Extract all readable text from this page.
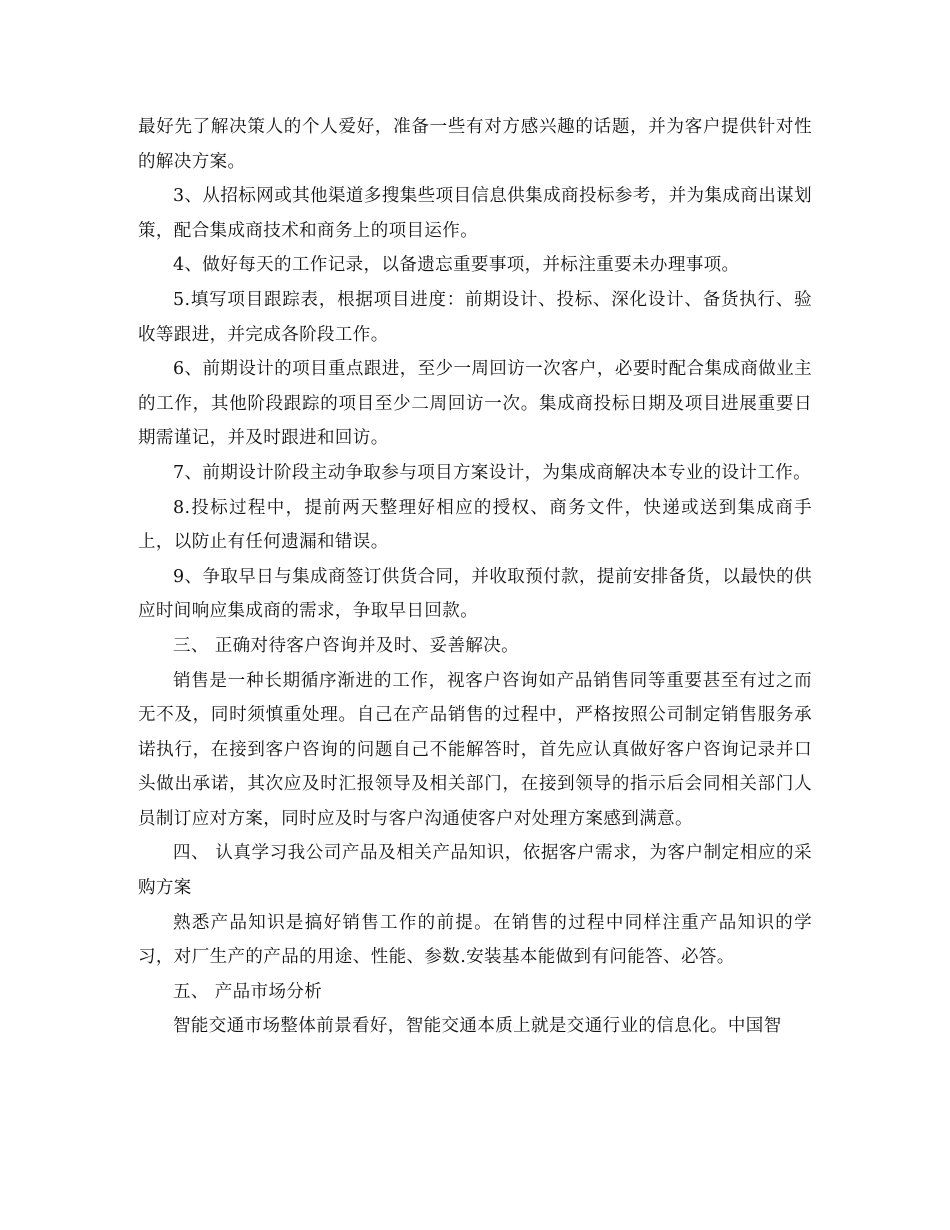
最好先了解决策人的个人爱好，准备一些有对方感兴趣的话题，并为客户提供针对性的解决方案。

3、从招标网或其他渠道多搜集些项目信息供集成商投标参考，并为集成商出谋划策，配合集成商技术和商务上的项目运作。

4、做好每天的工作记录，以备遗忘重要事项，并标注重要未办理事项。

5.填写项目跟踪表，根据项目进度：前期设计、投标、深化设计、备货执行、验收等跟进，并完成各阶段工作。

6、前期设计的项目重点跟进，至少一周回访一次客户，必要时配合集成商做业主的工作，其他阶段跟踪的项目至少二周回访一次。集成商投标日期及项目进展重要日期需谨记，并及时跟进和回访。

7、前期设计阶段主动争取参与项目方案设计，为集成商解决本专业的设计工作。

8.投标过程中，提前两天整理好相应的授权、商务文件，快递或送到集成商手上，以防止有任何遗漏和错误。

9、争取早日与集成商签订供货合同，并收取预付款，提前安排备货，以最快的供应时间响应集成商的需求，争取早日回款。

三、 正确对待客户咨询并及时、妥善解决。

销售是一种长期循序渐进的工作，视客户咨询如产品销售同等重要甚至有过之而无不及，同时须慎重处理。自己在产品销售的过程中，严格按照公司制定销售服务承诺执行，在接到客户咨询的问题自己不能解答时，首先应认真做好客户咨询记录并口头做出承诺，其次应及时汇报领导及相关部门，在接到领导的指示后会同相关部门人员制订应对方案，同时应及时与客户沟通使客户对处理方案感到满意。

四、 认真学习我公司产品及相关产品知识，依据客户需求，为客户制定相应的采购方案

熟悉产品知识是搞好销售工作的前提。在销售的过程中同样注重产品知识的学习，对厂生产的产品的用途、性能、参数.安装基本能做到有问能答、必答。

五、 产品市场分析

智能交通市场整体前景看好，智能交通本质上就是交通行业的信息化。中国智
